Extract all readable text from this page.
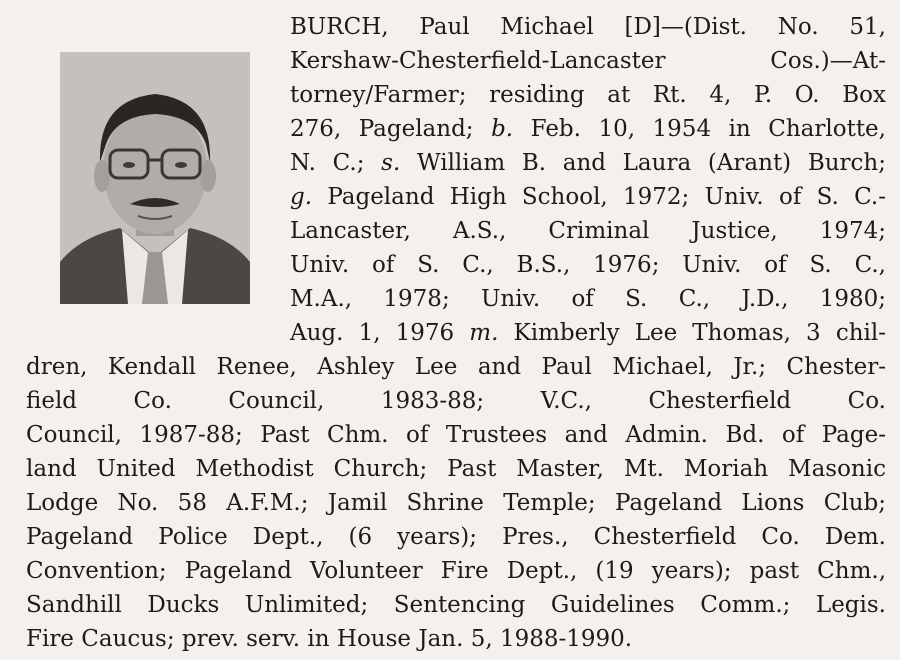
BURCH, Paul Michael [D]—(Dist. No. 51,
Kershaw-Chesterfield-Lancaster Cos.)—At-
torney/Farmer; residing at Rt. 4, P. O. Box
276, Pageland; b. Feb. 10, 1954 in Charlotte,
N. C.; s. William B. and Laura (Arant) Burch;
g. Pageland High School, 1972; Univ. of S. C.-
Lancaster, A.S., Criminal Justice, 1974;
Univ. of S. C., B.S., 1976; Univ. of S. C.,
M.A., 1978; Univ. of S. C., J.D., 1980;
Aug. 1, 1976 m. Kimberly Lee Thomas, 3 chil-
dren, Kendall Renee, Ashley Lee and Paul Michael, Jr.; Chester-
field Co. Council, 1983-88; V.C., Chesterfield Co.
Council, 1987-88; Past Chm. of Trustees and Admin. Bd. of Page-
land United Methodist Church; Past Master, Mt. Moriah Masonic
Lodge No. 58 A.F.M.; Jamil Shrine Temple; Pageland Lions Club;
Pageland Police Dept., (6 years); Pres., Chesterfield Co. Dem.
Convention; Pageland Volunteer Fire Dept., (19 years); past Chm.,
Sandhill Ducks Unlimited; Sentencing Guidelines Comm.; Legis.
Fire Caucus; prev. serv. in House Jan. 5, 1988-1990.
